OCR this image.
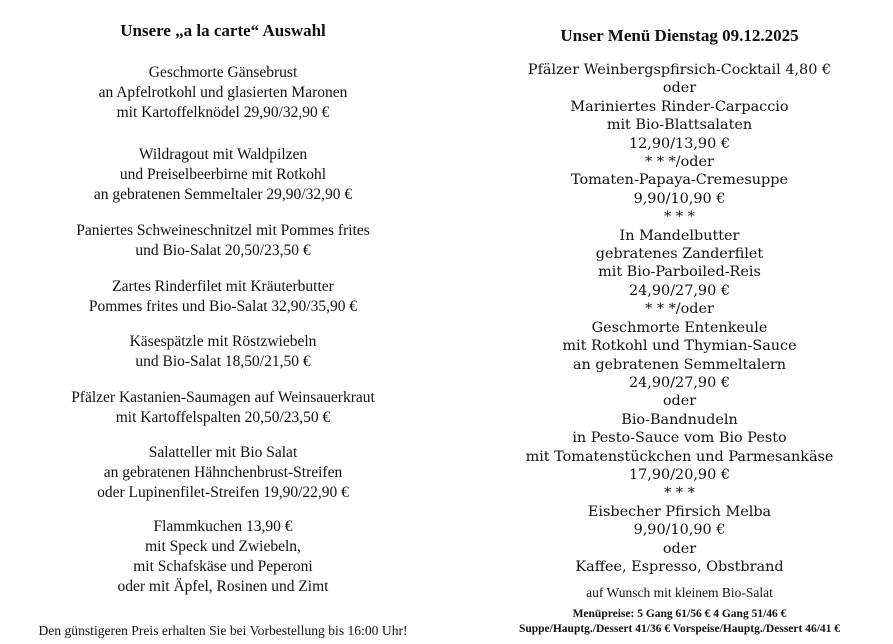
Unsere „a la carte“ Auswahl
Geschmorte Gänsebrust
an Apfelrotkohl und glasierten Maronen
mit Kartoffelknödel 29,90/32,90 €
Wildragout mit Waldpilzen
und Preiselbeerbirne mit Rotkohl
an gebratenen Semmeltaler 29,90/32,90 €
Paniertes Schweineschnitzel mit Pommes frites
und Bio-Salat 20,50/23,50 €
Zartes Rinderfilet mit Kräuterbutter
Pommes frites und Bio-Salat 32,90/35,90 €
Käsespätzle mit Röstzwiebeln
und Bio-Salat 18,50/21,50 €
Pfälzer Kastanien-Saumagen auf Weinsauerkraut
mit Kartoffelspalten 20,50/23,50 €
Salatteller mit Bio Salat
an gebratenen Hähnchenbrust-Streifen
oder Lupinenfilet-Streifen 19,90/22,90 €
Flammkuchen 13,90 €
mit Speck und Zwiebeln,
mit Schafskäse und Peperoni
oder mit Äpfel, Rosinen und Zimt
Den günstigeren Preis erhalten Sie bei Vorbestellung bis 16:00 Uhr!
Unser Menü Dienstag 09.12.2025
Pfälzer Weinbergspfirsich-Cocktail 4,80 €
oder
Mariniertes Rinder-Carpaccio
mit Bio-Blattsalaten
12,90/13,90 €
* * */oder
Tomaten-Papaya-Cremesuppe
9,90/10,90 €
* * *
In Mandelbutter
gebratenes Zanderfilet
mit Bio-Parboiled-Reis
24,90/27,90 €
* * */oder
Geschmorte Entenkeule
mit Rotkohl und Thymian-Sauce
an gebratenen Semmeltalern
24,90/27,90 €
oder
Bio-Bandnudeln
in Pesto-Sauce vom Bio Pesto
mit Tomatenstückchen und Parmesankäse
17,90/20,90 €
* * *
Eisbecher Pfirsich Melba
9,90/10,90 €
oder
Kaffee, Espresso, Obstbrand
auf Wunsch mit kleinem Bio-Salat
Menüpreise: 5 Gang 61/56 € 4 Gang 51/46 €
Suppe/Hauptg./Dessert 41/36 € Vorspeise/Hauptg./Dessert 46/41 €
